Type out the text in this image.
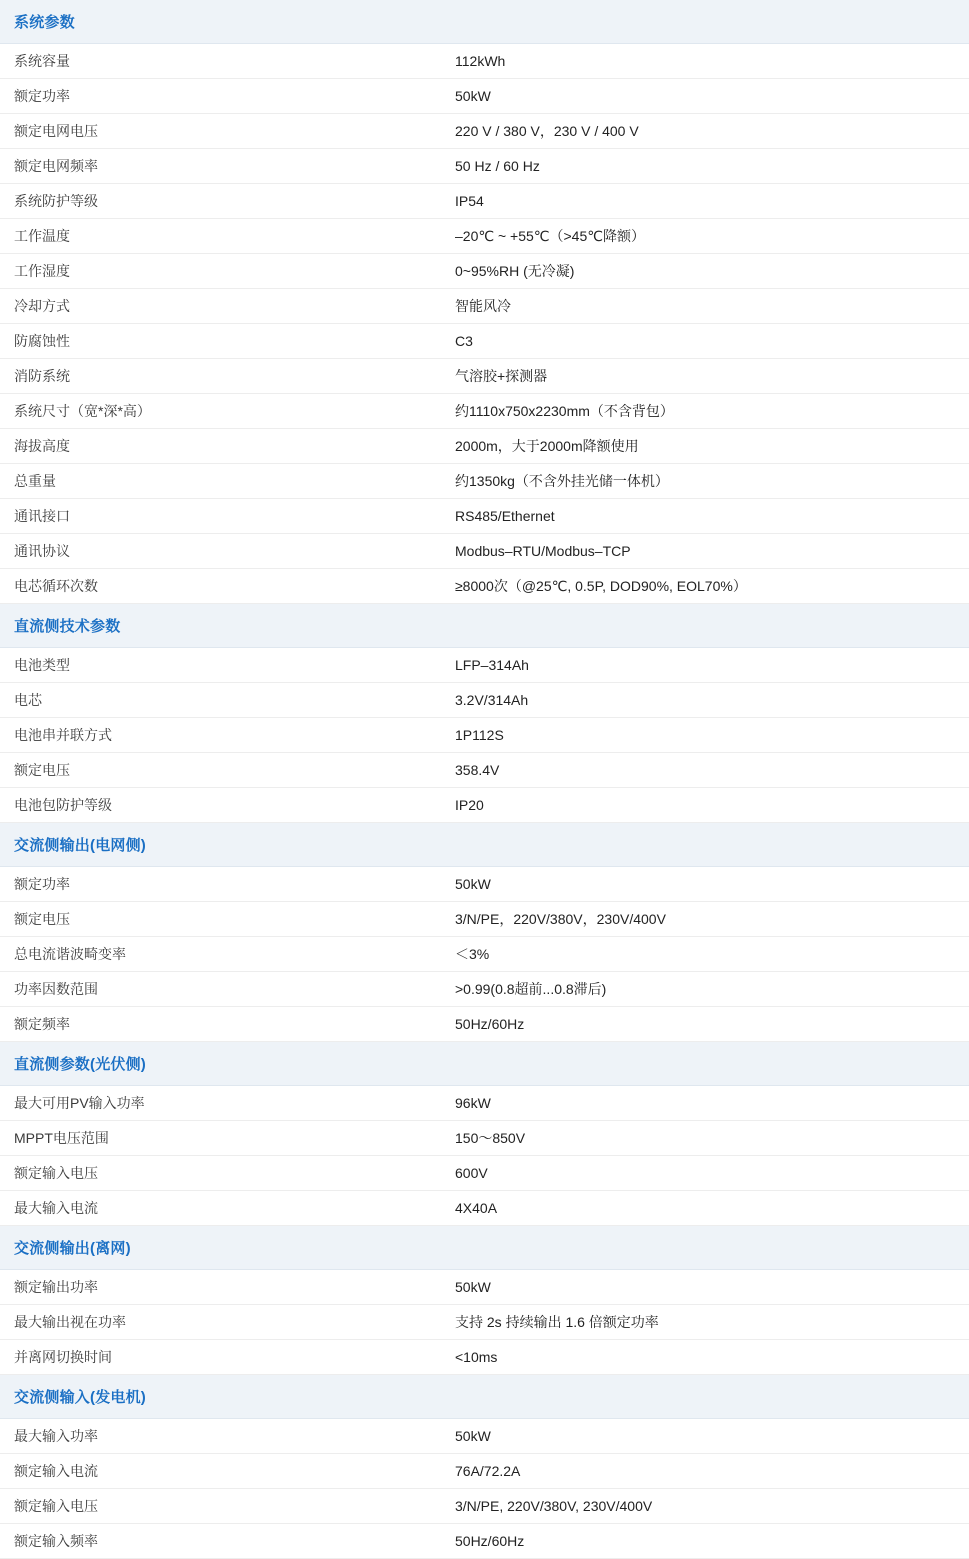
系统参数
系统容量	112kWh
额定功率	50kW
额定电网电压	220 V / 380 V，230 V / 400 V
额定电网频率	50 Hz / 60 Hz
系统防护等级	IP54
工作温度	–20℃ ~ +55℃（>45℃降额）
工作湿度	0~95%RH (无冷凝)
冷却方式	智能风冷
防腐蚀性	C3
消防系统	气溶胶+探测器
系统尺寸（宽*深*高）	约1110x750x2230mm（不含背包）
海拔高度	2000m，大于2000m降额使用
总重量	约1350kg（不含外挂光储一体机）
通讯接口	RS485/Ethernet
通讯协议	Modbus–RTU/Modbus–TCP
电芯循环次数	≥8000次（@25℃, 0.5P, DOD90%, EOL70%）
直流侧技术参数
电池类型	LFP–314Ah
电芯	3.2V/314Ah
电池串并联方式	1P112S
额定电压	358.4V
电池包防护等级	IP20
交流侧输出(电网侧)
额定功率	50kW
额定电压	3/N/PE，220V/380V，230V/400V
总电流谐波畸变率	＜3%
功率因数范围	>0.99(0.8超前...0.8滞后)
额定频率	50Hz/60Hz
直流侧参数(光伏侧)
最大可用PV输入功率	96kW
MPPT电压范围	150～850V
额定输入电压	600V
最大输入电流	4X40A
交流侧输出(离网)
额定输出功率	50kW
最大输出视在功率	支持 2s 持续输出 1.6 倍额定功率
并离网切换时间	<10ms
交流侧输入(发电机)
最大输入功率	50kW
额定输入电流	76A/72.2A
额定输入电压	3/N/PE, 220V/380V, 230V/400V
额定输入频率	50Hz/60Hz
